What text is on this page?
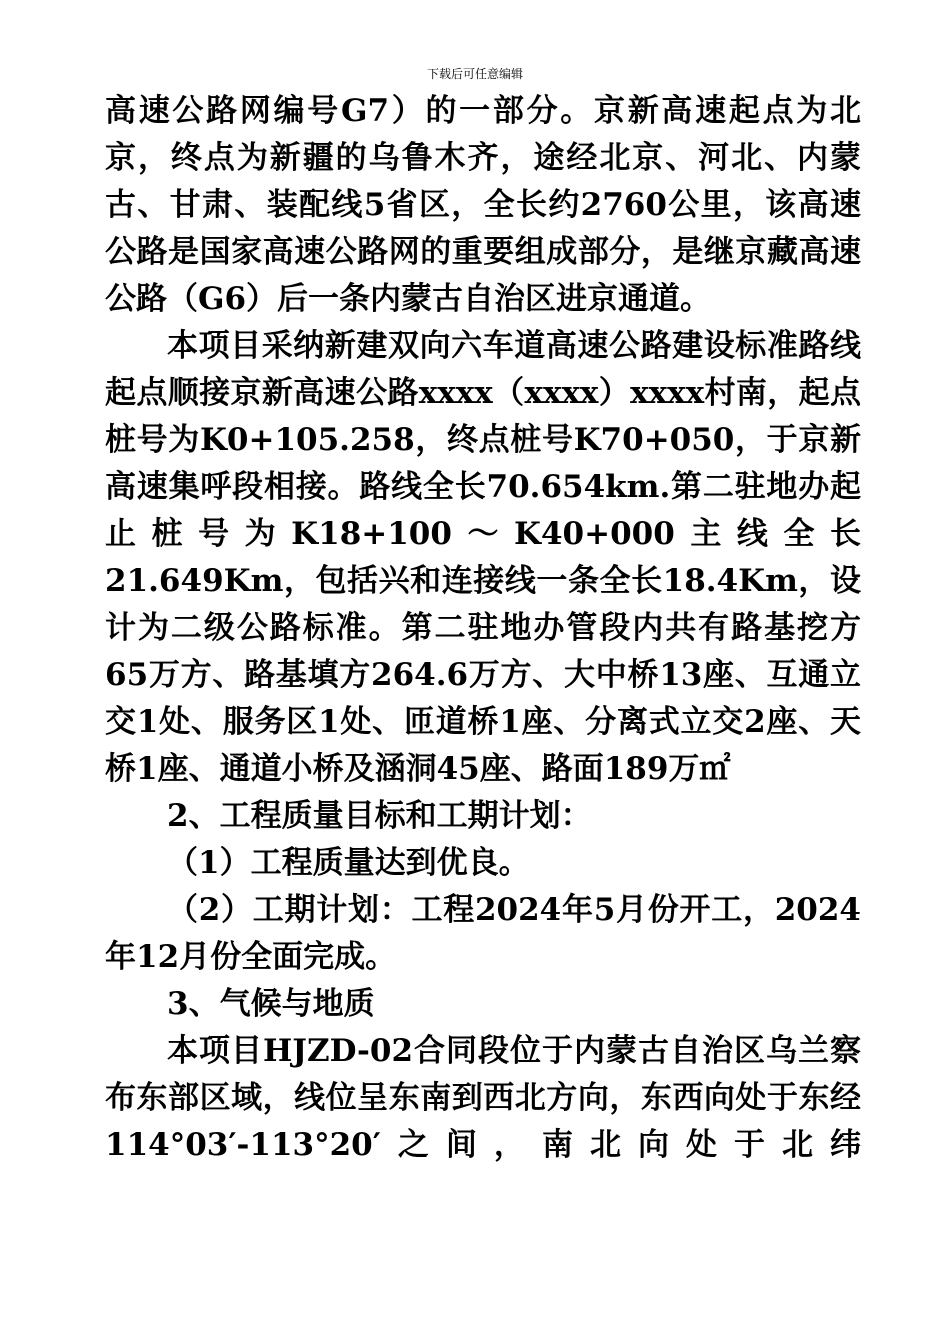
下载后可任意编辑

高速公路网编号G7）的一部分。京新高速起点为北京，终点为新疆的乌鲁木齐，途经北京、河北、内蒙古、甘肃、装配线5省区，全长约2760公里，该高速公路是国家高速公路网的重要组成部分，是继京藏高速公路（G6）后一条内蒙古自治区进京通道。

本项目采纳新建双向六车道高速公路建设标准路线起点顺接京新高速公路xxxx（xxxx）xxxx村南，起点桩号为K0+105.258，终点桩号K70+050，于京新高速集呼段相接。路线全长70.654km.第二驻地办起止桩号为K18+100～K40+000主线全长21.649Km，包括兴和连接线一条全长18.4Km，设计为二级公路标准。第二驻地办管段内共有路基挖方65万方、路基填方264.6万方、大中桥13座、互通立交1处、服务区1处、匝道桥1座、分离式立交2座、天桥1座、通道小桥及涵洞45座、路面189万㎡

2、工程质量目标和工期计划：

（1）工程质量达到优良。

（2）工期计划：工程2024年5月份开工，2024年12月份全面完成。

3、气候与地质

本项目HJZD-02合同段位于内蒙古自治区乌兰察布东部区域，线位呈东南到西北方向，东西向处于东经114°03′-113°20′之间，南北向处于北纬
